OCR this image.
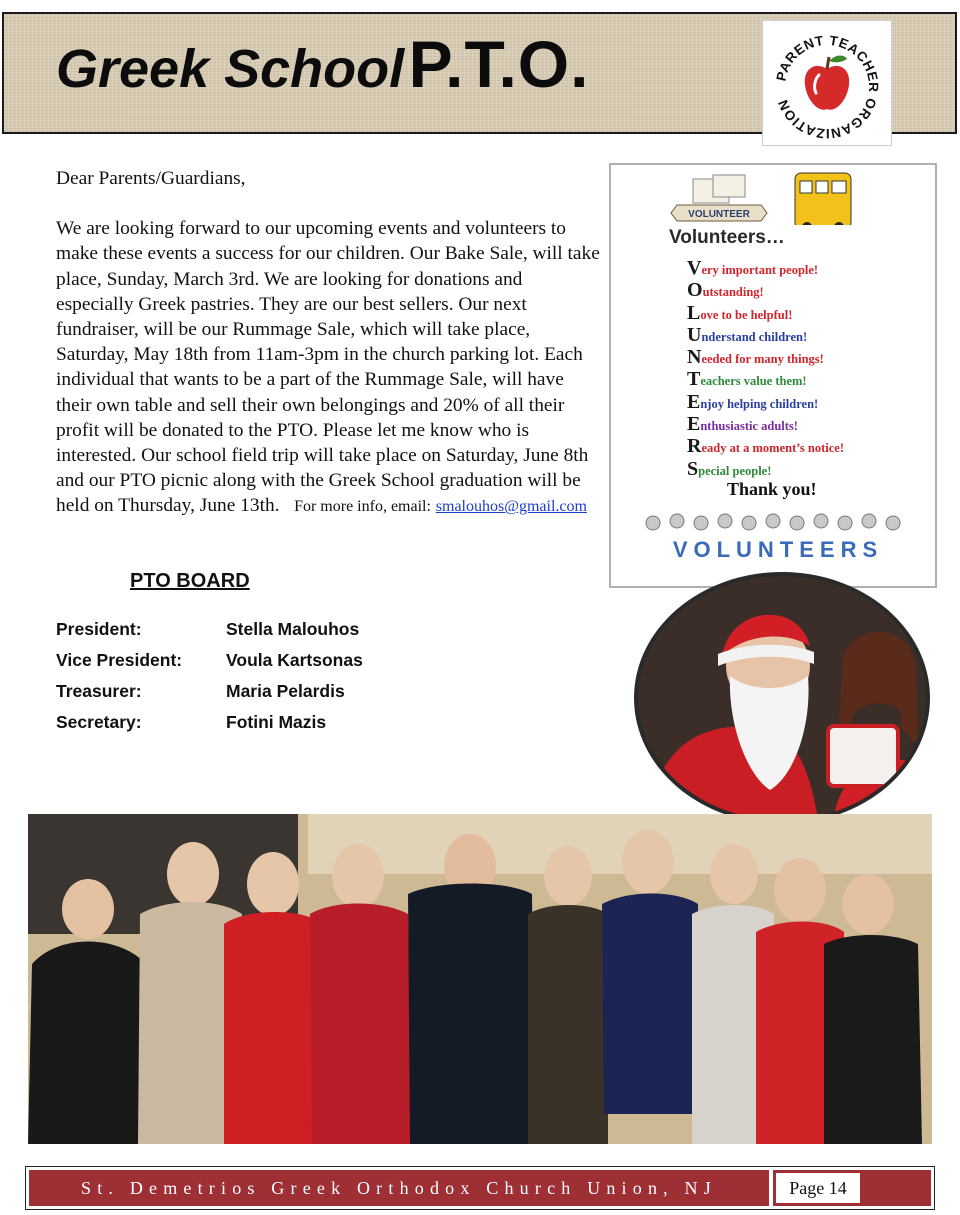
Greek School P.T.O.	PARENT TEACHER ORGANIZATION

Dear Parents/Guardians,

We are looking forward to our upcoming events and volunteers to make these events a success for our children. Our Bake Sale, will take place, Sunday, March 3rd. We are looking for donations and especially Greek pastries. They are our best sellers. Our next fundraiser, will be our Rummage Sale, which will take place, Saturday, May 18th from 11am-3pm in the church parking lot. Each individual that wants to be a part of the Rummage Sale, will have their own table and sell their own belongings and 20% of all their profit will be donated to the PTO. Please let me know who is interested. Our school field trip will take place on Saturday, June 8th and our PTO picnic along with the Greek School graduation will be held on Thursday, June 13th. For more info, email: smalouhos@gmail.com

PTO BOARD
President:	Stella Malouhos
Vice President:	Voula Kartsonas
Treasurer:	Maria Pelardis
Secretary:	Fotini Mazis
VOLUNTEER
Volunteers…
Very important people!
Outstanding!
Love to be helpful!
Understand children!
Needed for many things!
Teachers value them!
Enjoy helping children!
Enthusiastic adults!
Ready at a moment’s notice!
Special people!
Thank you!
VOLUNTEERS
St. Demetrios Greek Orthodox Church Union, NJ	Page 14
